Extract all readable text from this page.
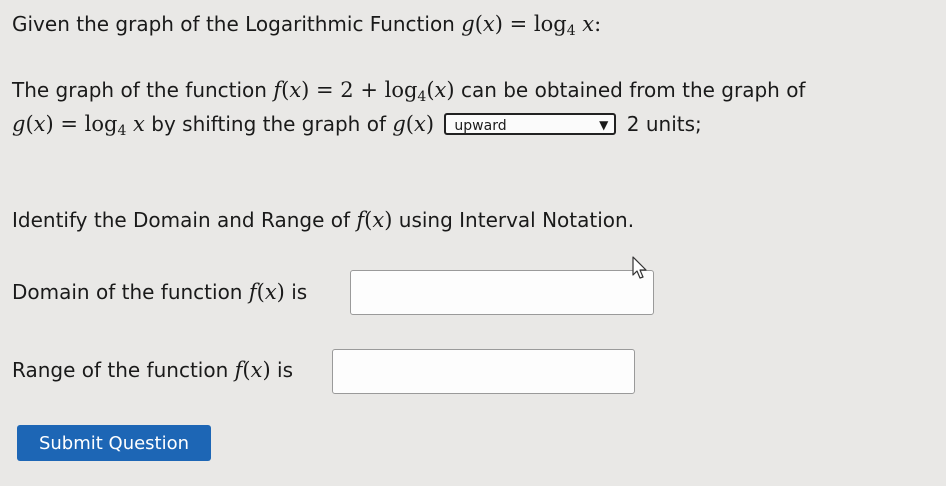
Given the graph of the Logarithmic Function $g(x) = \log_4 x$:
The graph of the function $f(x) = 2 + \log_4(x)$ can be obtained from the graph of
$g(x) = \log_4 x$ by shifting the graph of g(x) upward	▼ 2 units;
Identify the Domain and Range of f(x) using Interval Notation.
Domain of the function f(x) is
Range of the function f(x) is
Submit Question
